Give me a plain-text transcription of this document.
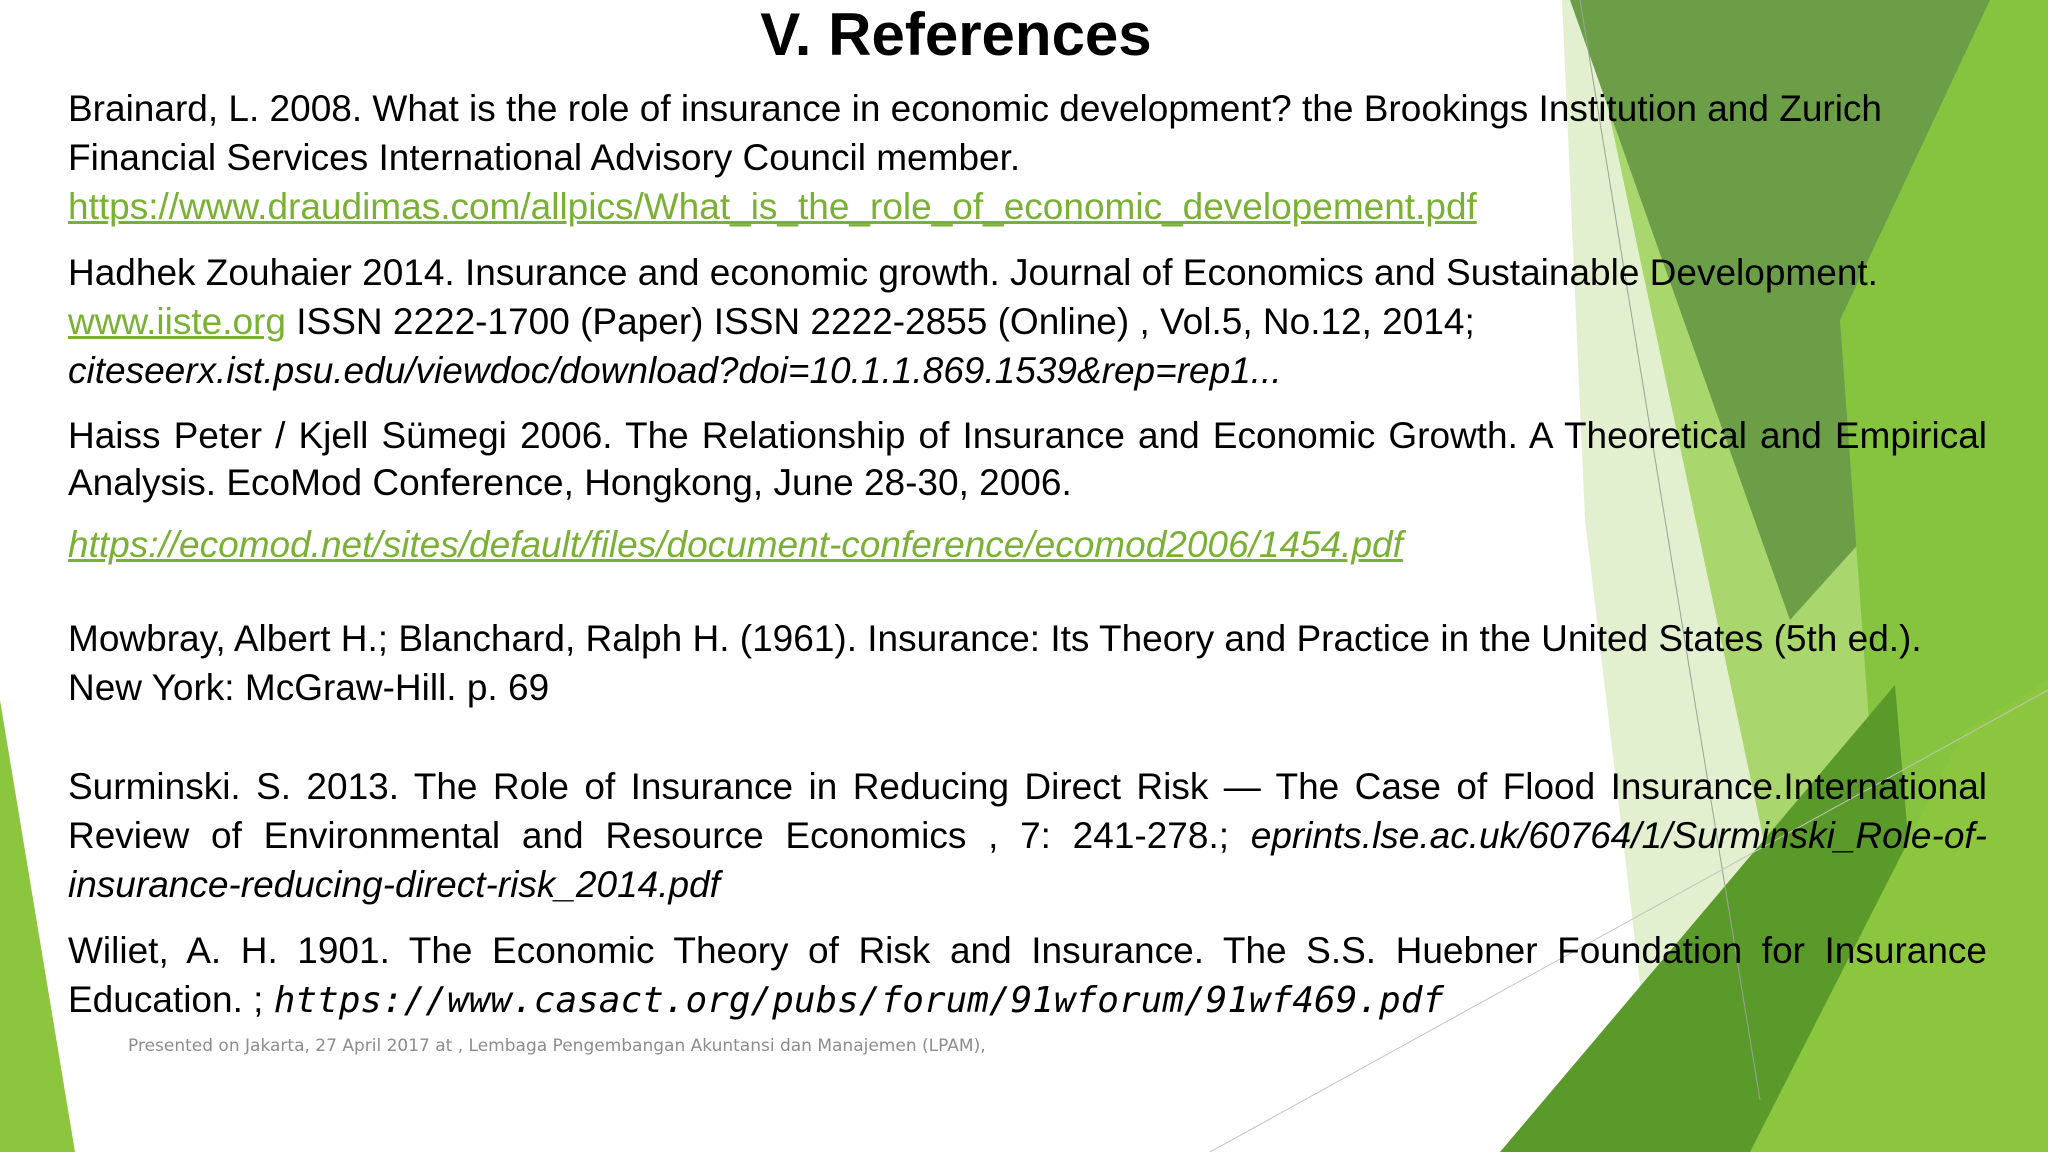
V. References

Brainard, L. 2008. What is the role of insurance in economic development? the Brookings Institution and Zurich Financial Services International Advisory Council member.
https://www.draudimas.com/allpics/What_is_the_role_of_economic_developement.pdf

Hadhek Zouhaier 2014. Insurance and economic growth. Journal of Economics and Sustainable Development.
www.iiste.org ISSN 2222-1700 (Paper) ISSN 2222-2855 (Online) , Vol.5, No.12, 2014;
citeseerx.ist.psu.edu/viewdoc/download?doi=10.1.1.869.1539&rep=rep1...

Haiss Peter / Kjell Sümegi 2006. The Relationship of Insurance and Economic Growth. A Theoretical and Empirical Analysis. EcoMod Conference, Hongkong, June 28-30, 2006.

https://ecomod.net/sites/default/files/document-conference/ecomod2006/1454.pdf

Mowbray, Albert H.; Blanchard, Ralph H. (1961). Insurance: Its Theory and Practice in the United States (5th ed.). New York: McGraw-Hill. p. 69

Surminski. S. 2013. The Role of Insurance in Reducing Direct Risk — The Case of Flood Insurance.International Review of Environmental and Resource Economics , 7: 241-278.; eprints.lse.ac.uk/60764/1/Surminski_Role-of-insurance-reducing-direct-risk_2014.pdf

Wiliet, A. H. 1901. The Economic Theory of Risk and Insurance. The S.S. Huebner Foundation for Insurance Education. ; https://www.casact.org/pubs/forum/91wforum/91wf469.pdf

Presented on Jakarta, 27 April 2017 at , Lembaga Pengembangan Akuntansi dan Manajemen (LPAM),
